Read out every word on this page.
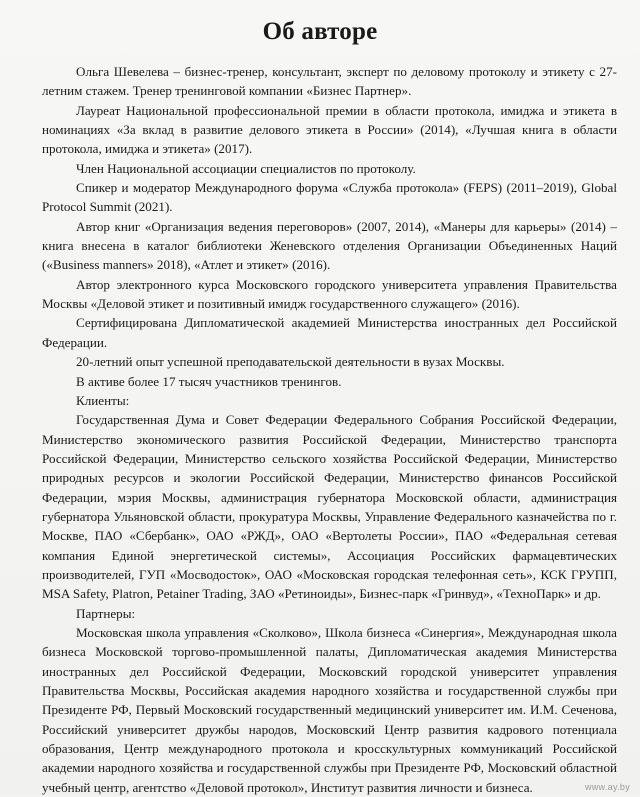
Об авторе

Ольга Шевелева – бизнес-тренер, консультант, эксперт по деловому протоколу и этикету с 27-летним стажем. Тренер тренинговой компании «Бизнес Партнер».

Лауреат Национальной профессиональной премии в области протокола, имиджа и этикета в номинациях «За вклад в развитие делового этикета в России» (2014), «Лучшая книга в области протокола, имиджа и этикета» (2017).

Член Национальной ассоциации специалистов по протоколу.

Спикер и модератор Международного форума «Служба протокола» (FEPS) (2011–2019), Global Protocol Summit (2021).

Автор книг «Организация ведения переговоров» (2007, 2014), «Манеры для карьеры» (2014) – книга внесена в каталог библиотеки Женевского отделения Организации Объединенных Наций («Business manners» 2018), «Атлет и этикет» (2016).

Автор электронного курса Московского городского университета управления Правительства Москвы «Деловой этикет и позитивный имидж государственного служащего» (2016).

Сертифицирована Дипломатической академией Министерства иностранных дел Российской Федерации.

20-летний опыт успешной преподавательской деятельности в вузах Москвы.

В активе более 17 тысяч участников тренингов.

Клиенты:

Государственная Дума и Совет Федерации Федерального Собрания Российской Федерации, Министерство экономического развития Российской Федерации, Министерство транспорта Российской Федерации, Министерство сельского хозяйства Российской Федерации, Министерство природных ресурсов и экологии Российской Федерации, Министерство финансов Российской Федерации, мэрия Москвы, администрация губернатора Московской области, администрация губернатора Ульяновской области, прокуратура Москвы, Управление Федерального казначейства по г. Москве, ПАО «Сбербанк», ОАО «РЖД», ОАО «Вертолеты России», ПАО «Федеральная сетевая компания Единой энергетической системы», Ассоциация Российских фармацевтических производителей, ГУП «Мосводосток», ОАО «Московская городская телефонная сеть», КСК ГРУПП, MSA Safety, Platron, Petainer Trading, ЗАО «Ретиноиды», Бизнес-парк «Гринвуд», «ТехноПарк» и др.

Партнеры:

Московская школа управления «Сколково», Школа бизнеса «Синергия», Международная школа бизнеса Московской торгово-промышленной палаты, Дипломатическая академия Министерства иностранных дел Российской Федерации, Московский городской университет управления Правительства Москвы, Российская академия народного хозяйства и государственной службы при Президенте РФ, Первый Московский государственный медицинский университет им. И.М. Сеченова, Российский университет дружбы народов, Московский Центр развития кадрового потенциала образования, Центр международного протокола и кросскультурных коммуникаций Российской академии народного хозяйства и государственной службы при Президенте РФ, Московский областной учебный центр, агентство «Деловой протокол», Институт развития личности и бизнеса.	www.ay.by
